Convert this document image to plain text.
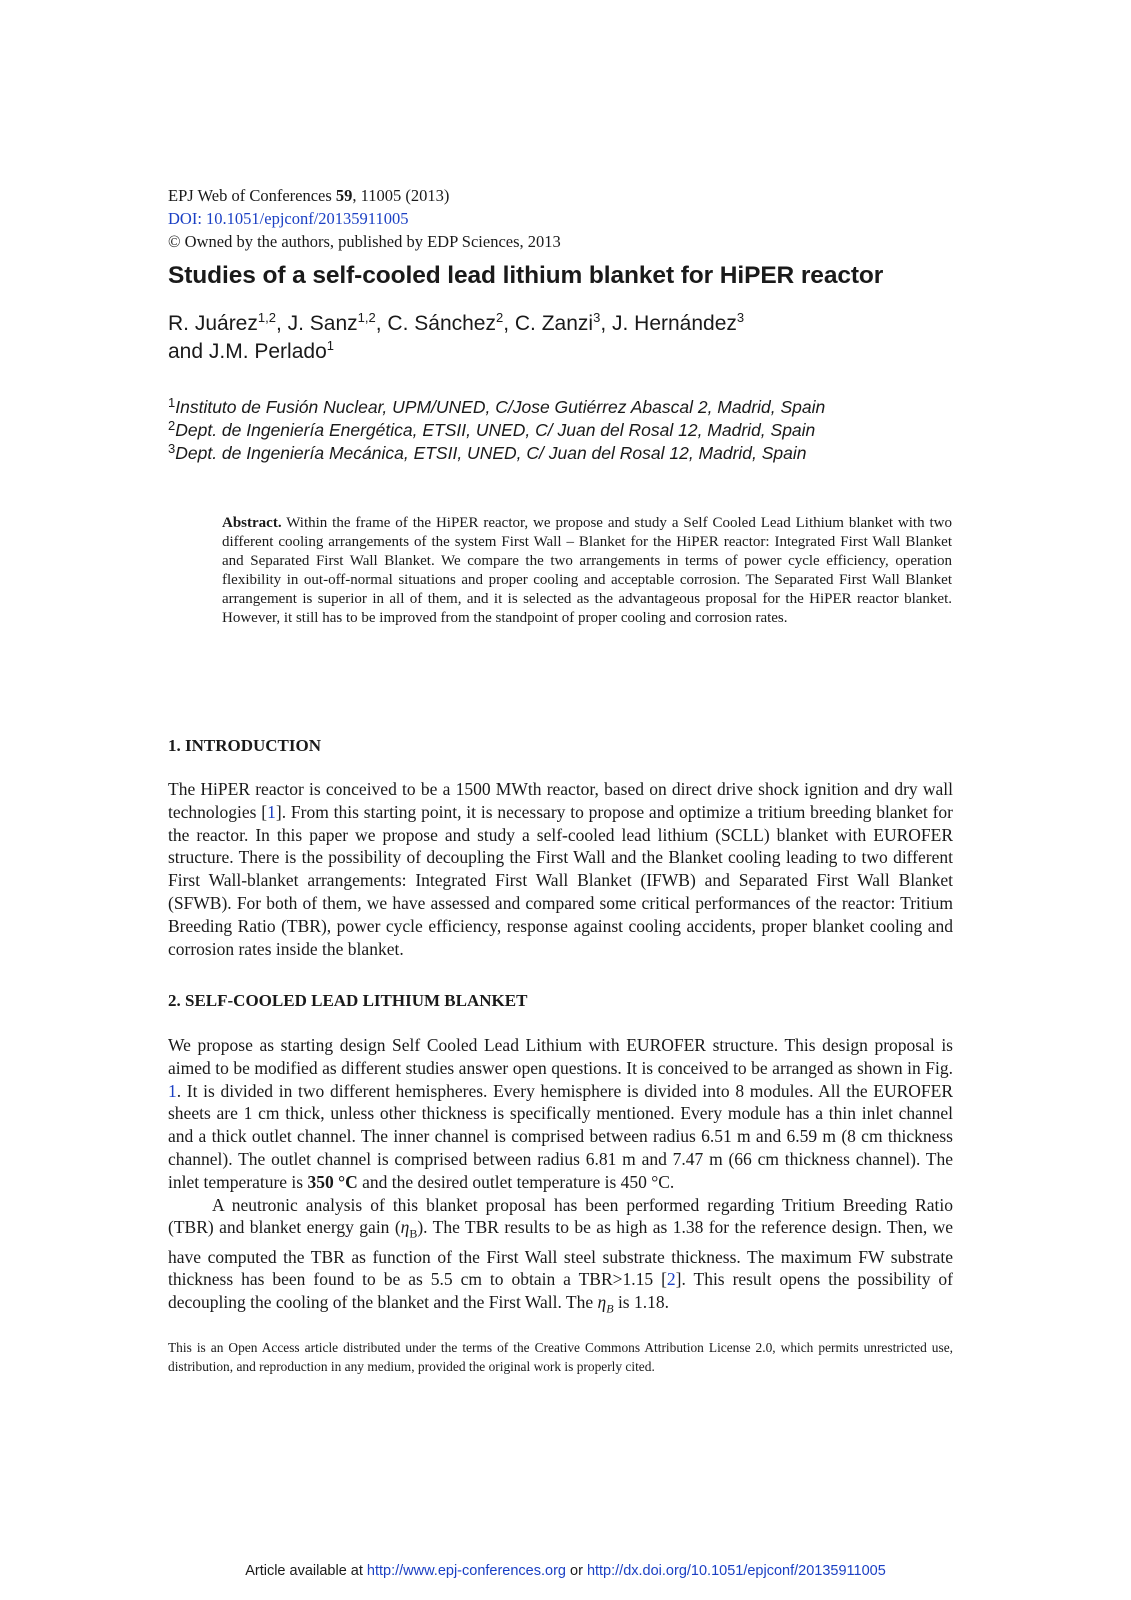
EPJ Web of Conferences 59, 11005 (2013)
DOI: 10.1051/epjconf/20135911005
© Owned by the authors, published by EDP Sciences, 2013
Studies of a self-cooled lead lithium blanket for HiPER reactor
R. Juárez$^{1,2}$, J. Sanz$^{1,2}$, C. Sánchez$^2$, C. Zanzi$^3$, J. Hernández$^3$
and J.M. Perlado$^1$
$^1$Instituto de Fusión Nuclear, UPM/UNED, C/Jose Gutiérrez Abascal 2, Madrid, Spain
$^2$Dept. de Ingeniería Energética, ETSII, UNED, C/ Juan del Rosal 12, Madrid, Spain
$^3$Dept. de Ingeniería Mecánica, ETSII, UNED, C/ Juan del Rosal 12, Madrid, Spain
Abstract. Within the frame of the HiPER reactor, we propose and study a Self Cooled Lead Lithium blanket with two different cooling arrangements of the system First Wall – Blanket for the HiPER reactor: Integrated First Wall Blanket and Separated First Wall Blanket. We compare the two arrangements in terms of power cycle efficiency, operation flexibility in out-off-normal situations and proper cooling and acceptable corrosion. The Separated First Wall Blanket arrangement is superior in all of them, and it is selected as the advantageous proposal for the HiPER reactor blanket. However, it still has to be improved from the standpoint of proper cooling and corrosion rates.
1. INTRODUCTION

The HiPER reactor is conceived to be a 1500 MWth reactor, based on direct drive shock ignition and dry wall technologies [1]. From this starting point, it is necessary to propose and optimize a tritium breeding blanket for the reactor. In this paper we propose and study a self-cooled lead lithium (SCLL) blanket with EUROFER structure. There is the possibility of decoupling the First Wall and the Blanket cooling leading to two different First Wall-blanket arrangements: Integrated First Wall Blanket (IFWB) and Separated First Wall Blanket (SFWB). For both of them, we have assessed and compared some critical performances of the reactor: Tritium Breeding Ratio (TBR), power cycle efficiency, response against cooling accidents, proper blanket cooling and corrosion rates inside the blanket.

2. SELF-COOLED LEAD LITHIUM BLANKET

We propose as starting design Self Cooled Lead Lithium with EUROFER structure. This design proposal is aimed to be modified as different studies answer open questions. It is conceived to be arranged as shown in Fig. 1. It is divided in two different hemispheres. Every hemisphere is divided into 8 modules. All the EUROFER sheets are 1 cm thick, unless other thickness is specifically mentioned. Every module has a thin inlet channel and a thick outlet channel. The inner channel is comprised between radius 6.51 m and 6.59 m (8 cm thickness channel). The outlet channel is comprised between radius 6.81 m and 7.47 m (66 cm thickness channel). The inlet temperature is 350 °C and the desired outlet temperature is 450 °C.
A neutronic analysis of this blanket proposal has been performed regarding Tritium Breeding Ratio (TBR) and blanket energy gain $(\eta_B)$. The TBR results to be as high as 1.38 for the reference design. Then, we have computed the TBR as function of the First Wall steel substrate thickness. The maximum FW substrate thickness has been found to be as 5.5 cm to obtain a TBR>1.15 [2]. This result opens the possibility of decoupling the cooling of the blanket and the First Wall. The $\eta_B$ is 1.18.

This is an Open Access article distributed under the terms of the Creative Commons Attribution License 2.0, which permits unrestricted use, distribution, and reproduction in any medium, provided the original work is properly cited.
Article available at http://www.epj-conferences.org or http://dx.doi.org/10.1051/epjconf/20135911005
